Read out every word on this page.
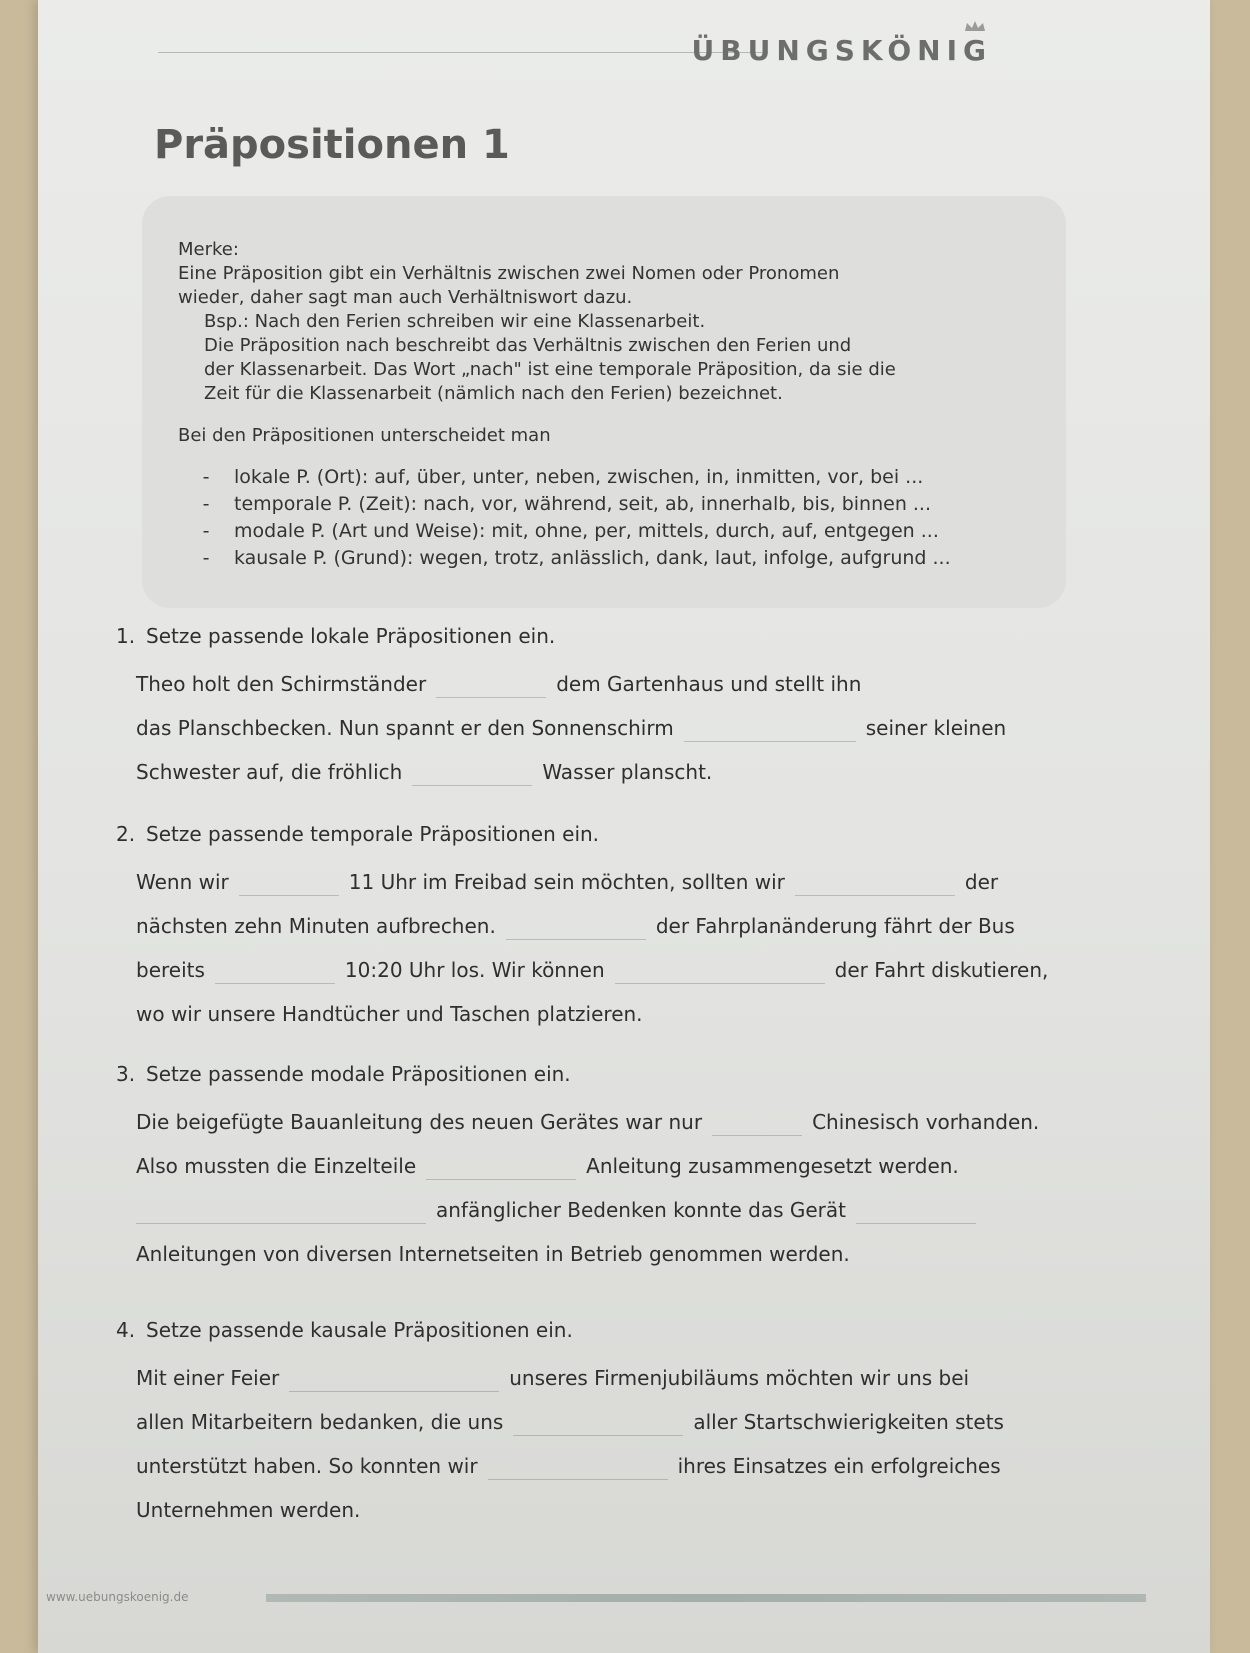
ÜBUNGSKÖNIG
Präpositionen 1

Merke:

Eine Präposition gibt ein Verhältnis zwischen zwei Nomen oder Pronomen

wieder, daher sagt man auch Verhältniswort dazu.

Bsp.: Nach den Ferien schreiben wir eine Klassenarbeit.

Die Präposition nach beschreibt das Verhältnis zwischen den Ferien und

der Klassenarbeit. Das Wort „nach" ist eine temporale Präposition, da sie die

Zeit für die Klassenarbeit (nämlich nach den Ferien) bezeichnet.

Bei den Präpositionen unterscheidet man

-	lokale P. (Ort): auf, über, unter, neben, zwischen, in, inmitten, vor, bei ...
-	temporale P. (Zeit): nach, vor, während, seit, ab, innerhalb, bis, binnen ...
-	modale P. (Art und Weise): mit, ohne, per, mittels, durch, auf, entgegen ...
-	kausale P. (Grund): wegen, trotz, anlässlich, dank, laut, infolge, aufgrund ...
1. Setze passende lokale Präpositionen ein.
Theo holt den Schirmständer	dem Gartenhaus und stellt ihn
das Planschbecken. Nun spannt er den Sonnenschirm	seiner kleinen
Schwester auf, die fröhlich	Wasser planscht.
2. Setze passende temporale Präpositionen ein.
Wenn wir	11 Uhr im Freibad sein möchten, sollten wir	der
nächsten zehn Minuten aufbrechen.	der Fahrplanänderung fährt der Bus
bereits	10:20 Uhr los. Wir können	der Fahrt diskutieren,
wo wir unsere Handtücher und Taschen platzieren.
3. Setze passende modale Präpositionen ein.
Die beigefügte Bauanleitung des neuen Gerätes war nur	Chinesisch vorhanden.
Also mussten die Einzelteile	Anleitung zusammengesetzt werden.
anfänglicher Bedenken konnte das Gerät
Anleitungen von diversen Internetseiten in Betrieb genommen werden.
4. Setze passende kausale Präpositionen ein.
Mit einer Feier	unseres Firmenjubiläums möchten wir uns bei
allen Mitarbeitern bedanken, die uns	aller Startschwierigkeiten stets
unterstützt haben. So konnten wir	ihres Einsatzes ein erfolgreiches
Unternehmen werden.
www.uebungskoenig.de
